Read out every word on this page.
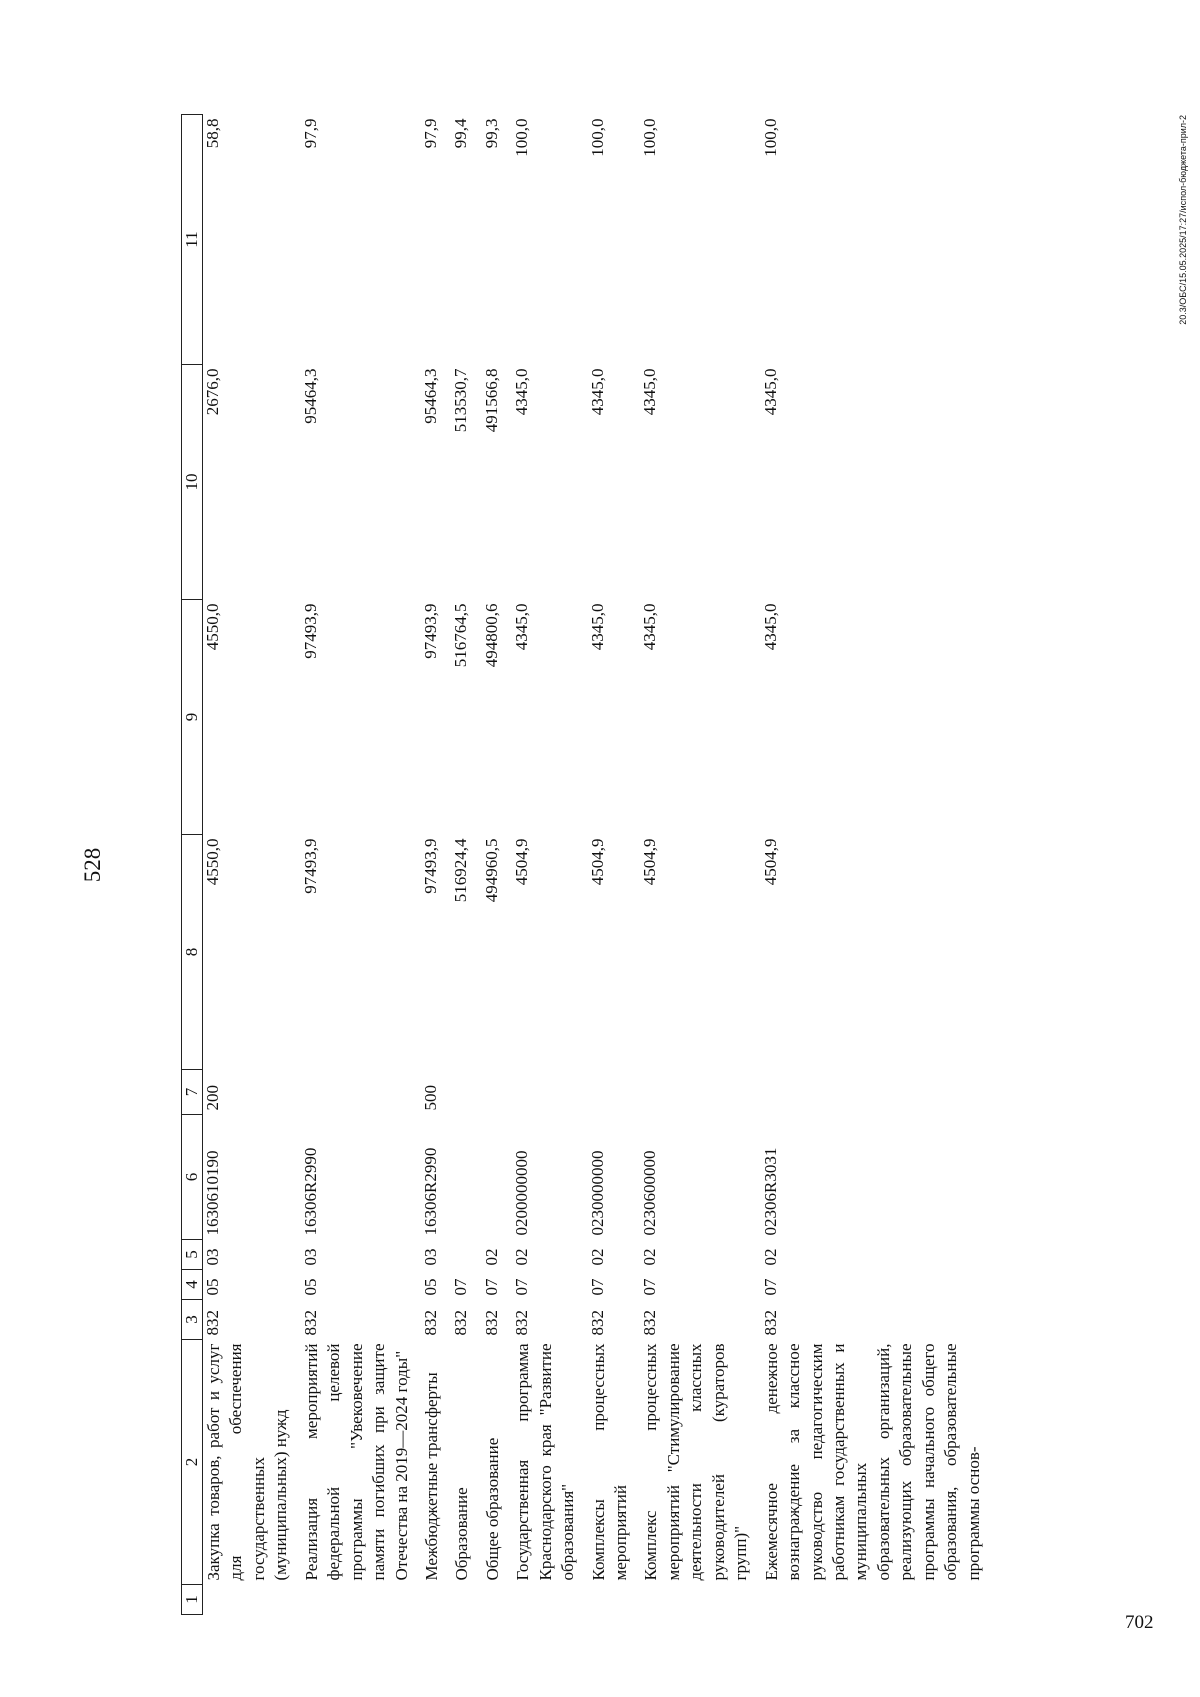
702
528
1	2	3	4	5	6	7	8	9	10	11
	Закупка товаров, работ и услуг для обеспечения государственных (муниципальных) нужд	832	05	03	1630610190	200	4550,0	4550,0	2676,0	58,8
	Реализация мероприятий федеральной целевой программы "Увековечение памяти погибших при защите Отечества на 2019—2024 годы"	832	05	03	16306R2990		97493,9	97493,9	95464,3	97,9
	Межбюджетные трансферты	832	05	03	16306R2990	500	97493,9	97493,9	95464,3	97,9
	Образование	832	07				516924,4	516764,5	513530,7	99,4
	Общее образование	832	07	02			494960,5	494800,6	491566,8	99,3
	Государственная программа Краснодарского края "Развитие образования"	832	07	02	0200000000		4504,9	4345,0	4345,0	100,0
	Комплексы процессных мероприятий	832	07	02	0230000000		4504,9	4345,0	4345,0	100,0
	Комплекс процессных мероприятий "Стимулирование деятельности классных руководителей (кураторов групп)"	832	07	02	0230600000		4504,9	4345,0	4345,0	100,0
	Ежемесячное денежное вознаграждение за классное руководство педагогическим работникам государственных и муниципальных образовательных организаций, реализующих образовательные программы начального общего образования, образовательные программы основ-	832	07	02	02306R3031		4504,9	4345,0	4345,0	100,0	20.3/ОБС/15.05.2025/17:27/испол-бюджета-прил-2
